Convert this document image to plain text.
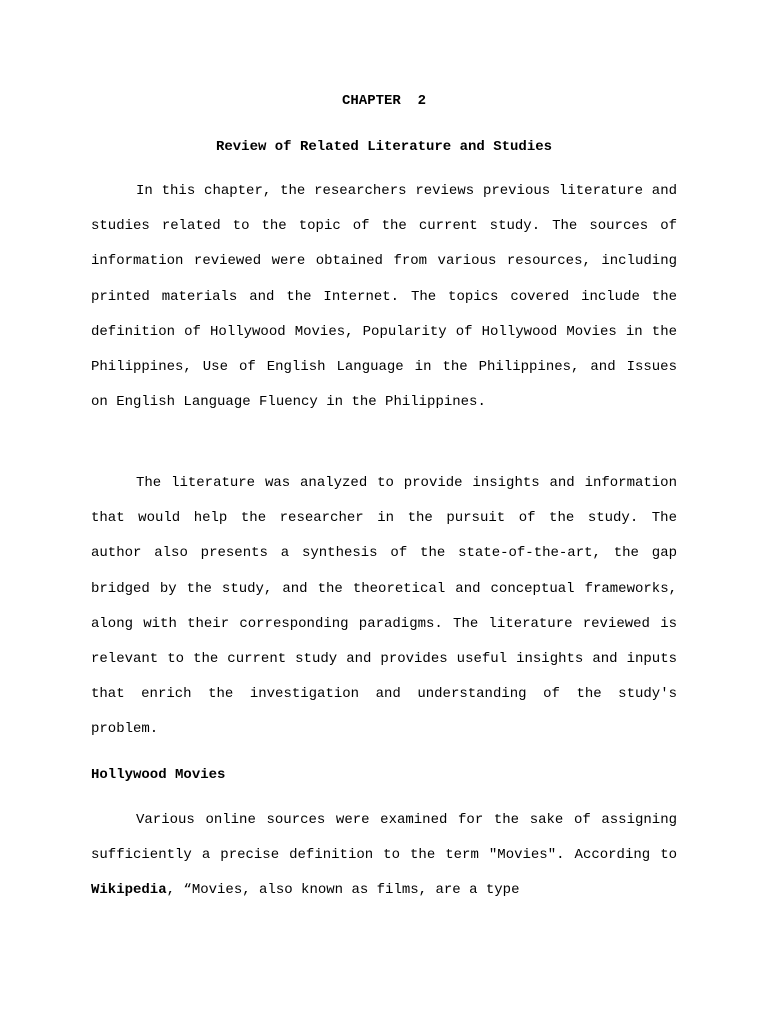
CHAPTER  2
Review of Related Literature and Studies

In this chapter, the researchers reviews previous literature and studies related to the topic of the current study. The sources of information reviewed were obtained from various resources, including printed materials and the Internet. The topics covered include the definition of Hollywood Movies, Popularity of Hollywood Movies in the Philippines, Use of English Language in the Philippines, and Issues on English Language Fluency in the Philippines.

The literature was analyzed to provide insights and information that would help the researcher in the pursuit of the study. The author also presents a synthesis of the state-of-the-art, the gap bridged by the study, and the theoretical and conceptual frameworks, along with their corresponding paradigms. The literature reviewed is relevant to the current study and provides useful insights and inputs that enrich the investigation and understanding of the study's problem.

Hollywood Movies

Various online sources were examined for the sake of assigning sufficiently a precise definition to the term "Movies". According to Wikipedia, “Movies, also known as films, are a type
